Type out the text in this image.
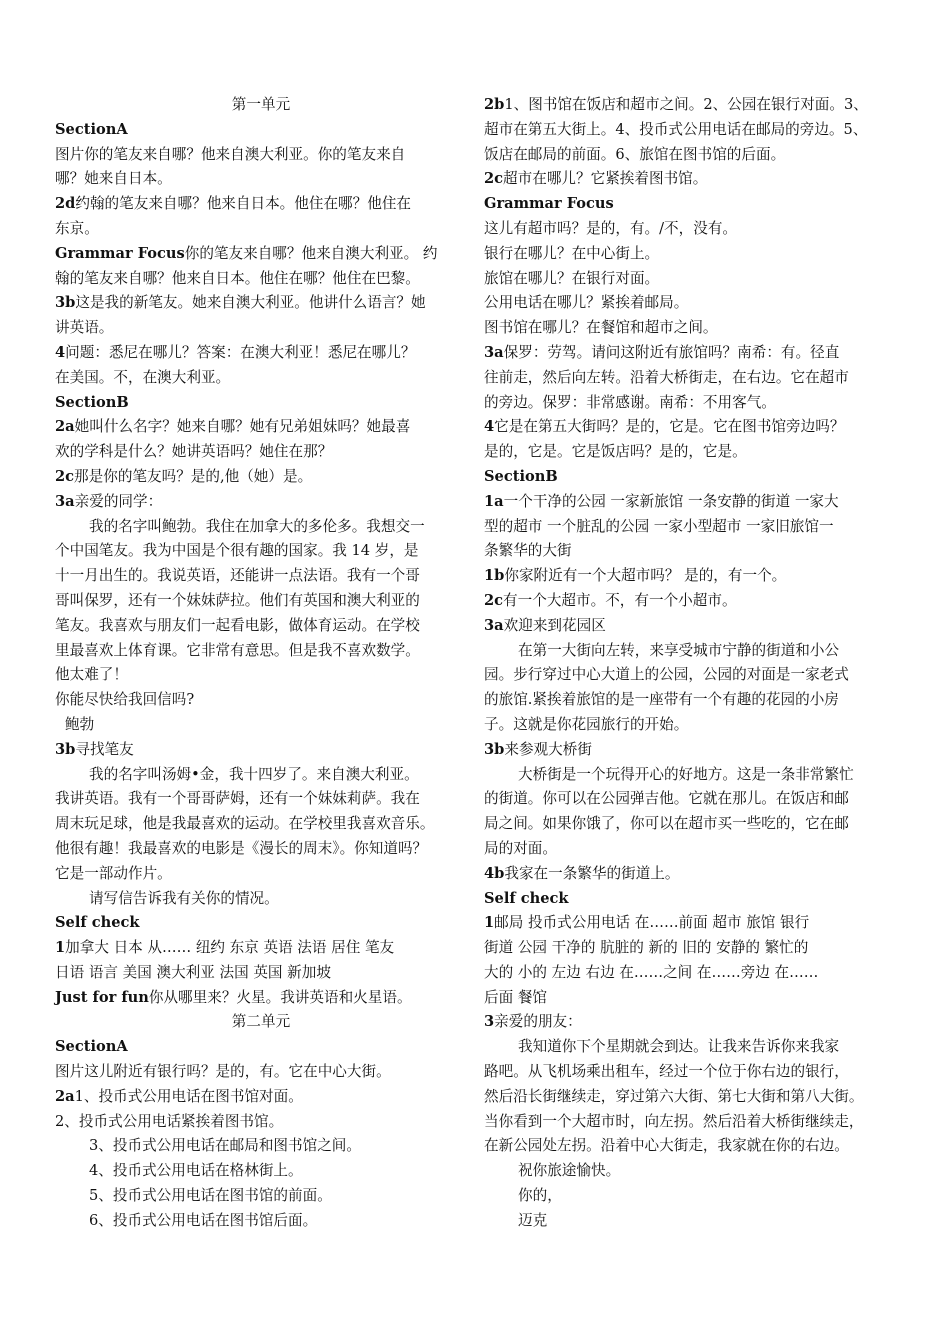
第一单元
SectionA
图片你的笔友来自哪？他来自澳大利亚。你的笔友来自
哪？她来自日本。
2d约翰的笔友来自哪？他来自日本。他住在哪？他住在
东京。
Grammar Focus你的笔友来自哪？他来自澳大利亚。 约
翰的笔友来自哪？他来自日本。他住在哪？他住在巴黎。
3b这是我的新笔友。她来自澳大利亚。他讲什么语言？她
讲英语。
4问题：悉尼在哪儿？答案：在澳大利亚！悉尼在哪儿？
在美国。不，在澳大利亚。
SectionB
2a她叫什么名字？她来自哪？她有兄弟姐妹吗？她最喜
欢的学科是什么？她讲英语吗？她住在那？
2c那是你的笔友吗？是的,他（她）是。
3a亲爱的同学：
我的名字叫鲍勃。我住在加拿大的多伦多。我想交一
个中国笔友。我为中国是个很有趣的国家。我 14 岁，是
十一月出生的。我说英语，还能讲一点法语。我有一个哥
哥叫保罗，还有一个妹妹萨拉。他们有英国和澳大利亚的
笔友。我喜欢与朋友们一起看电影，做体育运动。在学校
里最喜欢上体育课。它非常有意思。但是我不喜欢数学。
他太难了！
你能尽快给我回信吗?
鲍勃
3b寻找笔友
我的名字叫汤姆•金，我十四岁了。来自澳大利亚。
我讲英语。我有一个哥哥萨姆，还有一个妹妹莉萨。我在
周末玩足球，他是我最喜欢的运动。在学校里我喜欢音乐。
他很有趣！我最喜欢的电影是《漫长的周末》。你知道吗？
它是一部动作片。
请写信告诉我有关你的情况。
Self check
1加拿大 日本 从…… 纽约 东京 英语 法语 居住 笔友
日语 语言 美国 澳大利亚 法国 英国 新加坡
Just for fun你从哪里来？火星。我讲英语和火星语。
第二单元
SectionA
图片这儿附近有银行吗？是的，有。它在中心大街。
2a1、投币式公用电话在图书馆对面。
2、投币式公用电话紧挨着图书馆。
3、投币式公用电话在邮局和图书馆之间。
4、投币式公用电话在格林街上。
5、投币式公用电话在图书馆的前面。
6、投币式公用电话在图书馆后面。
2b1、图书馆在饭店和超市之间。2、公园在银行对面。3、
超市在第五大街上。4、投币式公用电话在邮局的旁边。5、
饭店在邮局的前面。6、旅馆在图书馆的后面。
2c超市在哪儿？它紧挨着图书馆。
Grammar Focus
这儿有超市吗？是的，有。/不，没有。
银行在哪儿？在中心街上。
旅馆在哪儿？在银行对面。
公用电话在哪儿？紧挨着邮局。
图书馆在哪儿？在餐馆和超市之间。
3a保罗：劳驾。请问这附近有旅馆吗？南希：有。径直
往前走，然后向左转。沿着大桥街走，在右边。它在超市
的旁边。保罗：非常感谢。南希：不用客气。
4它是在第五大街吗？是的，它是。它在图书馆旁边吗？
是的，它是。它是饭店吗？是的，它是。
SectionB
1a一个干净的公园 一家新旅馆 一条安静的街道 一家大
型的超市 一个脏乱的公园 一家小型超市 一家旧旅馆一
条繁华的大街
1b你家附近有一个大超市吗？ 是的，有一个。
2c有一个大超市。不，有一个小超市。
3a欢迎来到花园区
在第一大街向左转，来享受城市宁静的街道和小公
园。步行穿过中心大道上的公园，公园的对面是一家老式
的旅馆.紧挨着旅馆的是一座带有一个有趣的花园的小房
子。这就是你花园旅行的开始。
3b来参观大桥街
大桥街是一个玩得开心的好地方。这是一条非常繁忙
的街道。你可以在公园弹吉他。它就在那儿。在饭店和邮
局之间。如果你饿了，你可以在超市买一些吃的，它在邮
局的对面。
4b我家在一条繁华的街道上。
Self check
1邮局 投币式公用电话 在……前面 超市 旅馆 银行
街道 公园 干净的 肮脏的 新的 旧的 安静的 繁忙的
大的 小的 左边 右边 在……之间 在……旁边 在……
后面 餐馆
3亲爱的朋友：
我知道你下个星期就会到达。让我来告诉你来我家
路吧。从飞机场乘出租车，经过一个位于你右边的银行，
然后沿长街继续走，穿过第六大街、第七大街和第八大街。
当你看到一个大超市时，向左拐。然后沿着大桥街继续走，
在新公园处左拐。沿着中心大街走，我家就在你的右边。
祝你旅途愉快。
你的，
迈克
